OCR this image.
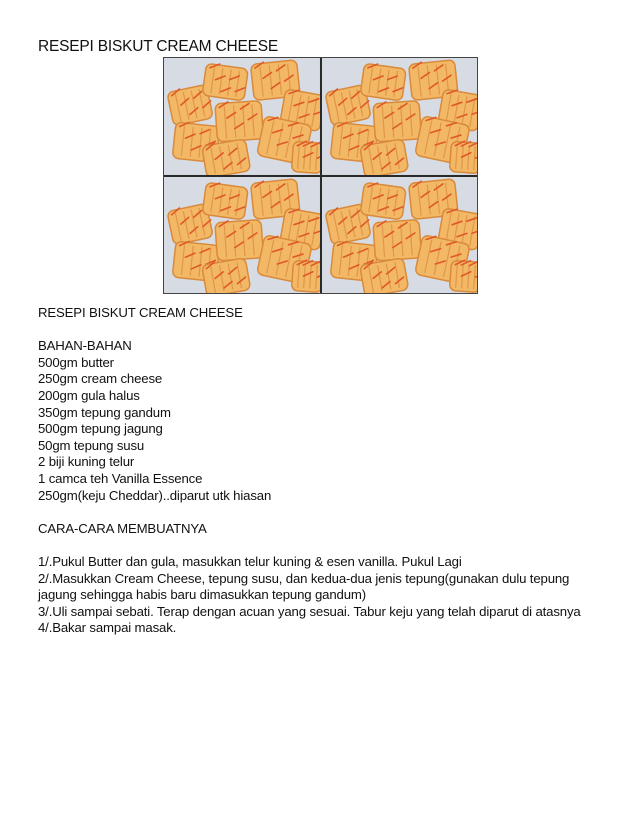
RESEPI BISKUT CREAM CHEESE
RESEPI BISKUT CREAM CHEESE
BAHAN-BAHAN
500gm butter
250gm cream cheese
200gm gula halus
350gm tepung gandum
500gm tepung jagung
50gm tepung susu
2 biji kuning telur
1 camca teh Vanilla Essence
250gm(keju Cheddar)..diparut utk hiasan
CARA-CARA MEMBUATNYA
1/.Pukul Butter dan gula, masukkan telur kuning & esen vanilla. Pukul Lagi
2/.Masukkan Cream Cheese, tepung susu, dan kedua-dua jenis tepung(gunakan dulu tepung jagung sehingga habis baru dimasukkan tepung gandum)
3/.Uli sampai sebati. Terap dengan acuan yang sesuai. Tabur keju yang telah diparut di atasnya
4/.Bakar sampai masak.
